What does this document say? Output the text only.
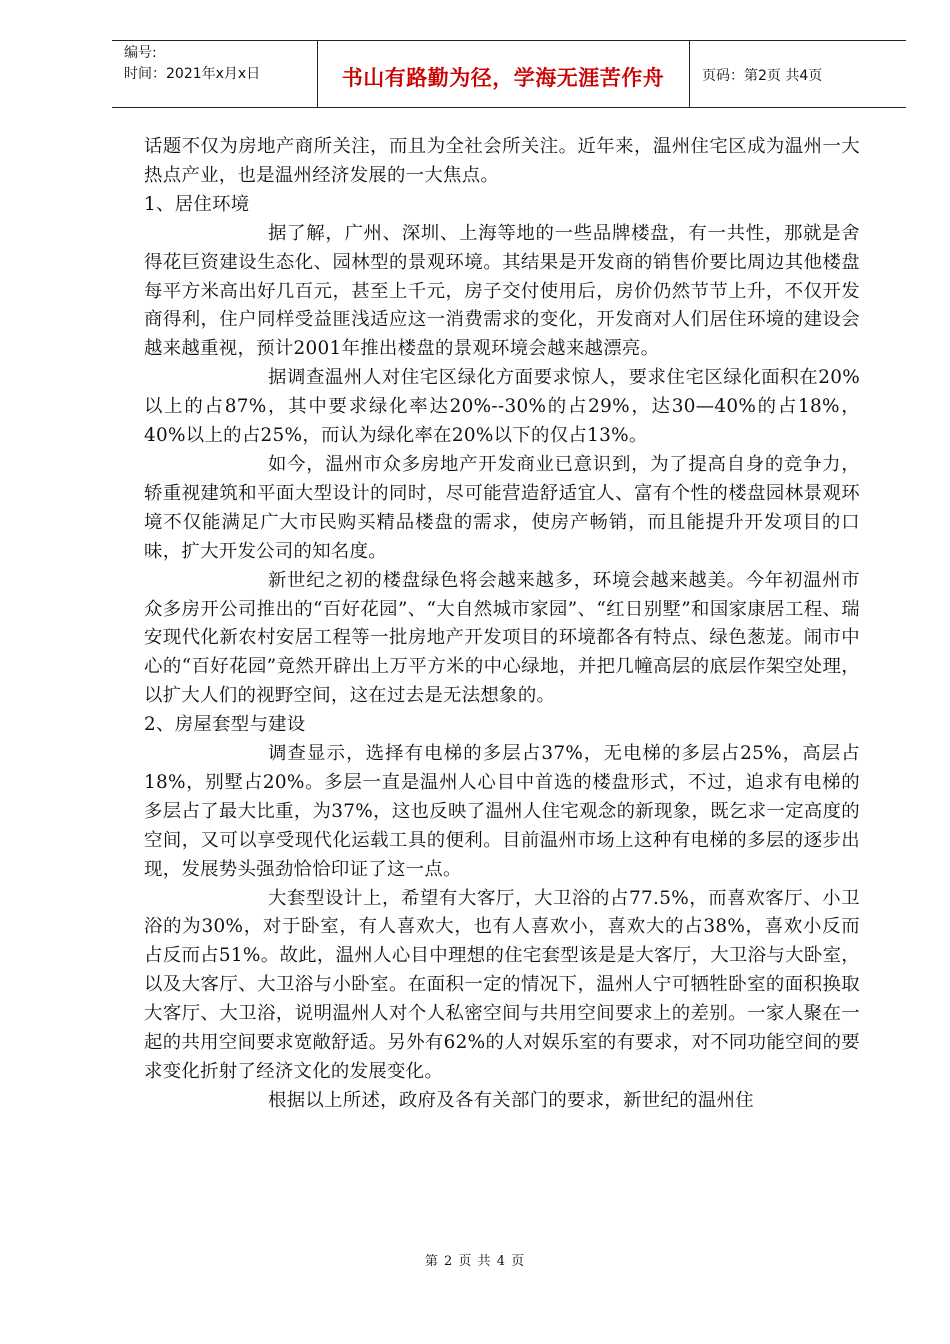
编号:
时间：2021年x月x日	书山有路勤为径，学海无涯苦作舟	页码：第2页 共4页

话题不仅为房地产商所关注，而且为全社会所关注。近年来，温州住宅区成为温州一大热点产业，也是温州经济发展的一大焦点。

1、居住环境

据了解，广州、深圳、上海等地的一些品牌楼盘，有一共性，那就是舍得花巨资建设生态化、园林型的景观环境。其结果是开发商的销售价要比周边其他楼盘每平方米高出好几百元，甚至上千元，房子交付使用后，房价仍然节节上升，不仅开发商得利，住户同样受益匪浅适应这一消费需求的变化，开发商对人们居住环境的建设会越来越重视，预计2001年推出楼盘的景观环境会越来越漂亮。

据调查温州人对住宅区绿化方面要求惊人，要求住宅区绿化面积在20%以上的占87%，其中要求绿化率达20%--30%的占29%，达30—40%的占18%，40%以上的占25%，而认为绿化率在20%以下的仅占13%。

如今，温州市众多房地产开发商业已意识到，为了提高自身的竞争力，轿重视建筑和平面大型设计的同时，尽可能营造舒适宜人、富有个性的楼盘园林景观环境不仅能满足广大市民购买精品楼盘的需求，使房产畅销，而且能提升开发项目的口味，扩大开发公司的知名度。

新世纪之初的楼盘绿色将会越来越多，环境会越来越美。今年初温州市众多房开公司推出的“百好花园”、“大自然城市家园”、“红日别墅”和国家康居工程、瑞安现代化新农村安居工程等一批房地产开发项目的环境都各有特点、绿色葱茏。闹市中心的“百好花园”竟然开辟出上万平方米的中心绿地，并把几幢高层的底层作架空处理，以扩大人们的视野空间，这在过去是无法想象的。

2、房屋套型与建设

调查显示，选择有电梯的多层占37%，无电梯的多层占25%，高层占18%，别墅占20%。多层一直是温州人心目中首选的楼盘形式，不过，追求有电梯的多层占了最大比重，为37%，这也反映了温州人住宅观念的新现象，既乞求一定高度的空间，又可以享受现代化运载工具的便利。目前温州市场上这种有电梯的多层的逐步出现，发展势头强劲恰恰印证了这一点。

大套型设计上，希望有大客厅，大卫浴的占77.5%，而喜欢客厅、小卫浴的为30%，对于卧室，有人喜欢大，也有人喜欢小，喜欢大的占38%，喜欢小反而占反而占51%。故此，温州人心目中理想的住宅套型该是是大客厅，大卫浴与大卧室，以及大客厅、大卫浴与小卧室。在面积一定的情况下，温州人宁可牺牲卧室的面积换取大客厅、大卫浴，说明温州人对个人私密空间与共用空间要求上的差别。一家人聚在一起的共用空间要求宽敞舒适。另外有62%的人对娱乐室的有要求，对不同功能空间的要求变化折射了经济文化的发展变化。

根据以上所述，政府及各有关部门的要求，新世纪的温州住

第 2 页 共 4 页
